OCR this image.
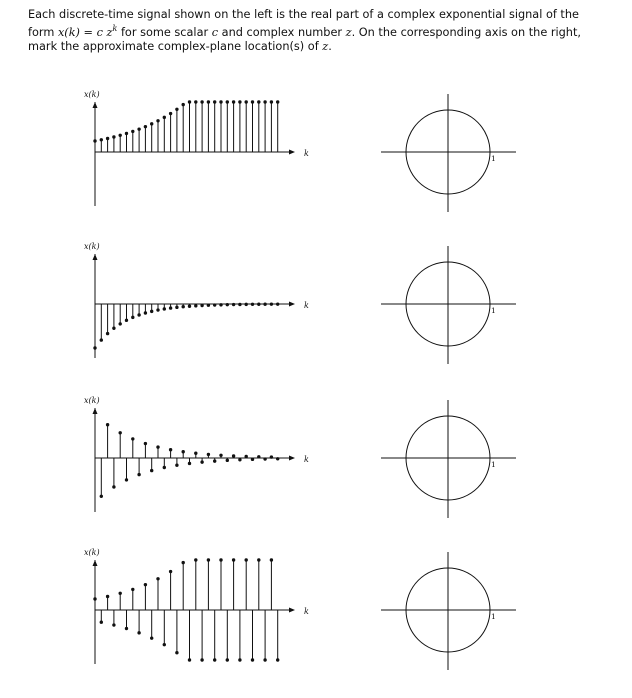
Each discrete-time signal shown on the left is the real part of a complex exponential signal of the form x(k) = c $z^k$ for some scalar c and complex number z. On the corresponding axis on the right, mark the approximate complex-plane location(s) of z.
x(k)
k
1
x(k)
k
1
x(k)
k
1
x(k)
k
1
